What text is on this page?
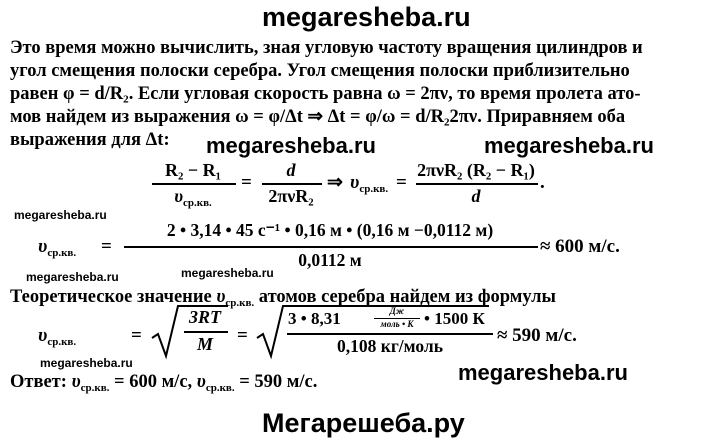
megaresheba.ru
megaresheba.ru	megaresheba.ru
megaresheba.ru
megaresheba.ru	megaresheba.ru
megaresheba.ru	megaresheba.ru
Мегарешеба.ру
Это время можно вычислить, зная угловую частоту вращения цилиндров и
угол смещения полоски серебра. Угол смещения полоски приблизительно
равен φ = d/R₂. Если угловая скорость равна ω = 2πν, то время пролета ато-
мов найдем из выражения ω = φ/Δt ⇒ Δt = φ/ω = d/R₂2πν. Приравняем оба
выражения для Δt:
R₂ − R₁
$\upsilon_{ср.кв.}$
=
d
2πνR₂
⇒ $\upsilon_{ср.кв.}$ =
2πνR₂ (R₂ − R₁)
d
.
$\upsilon_{ср.кв.}$ =
2 • 3,14 • 45 с⁻¹ • 0,16 м • (0,16 м −0,0112 м)
0,0112 м
≈ 600 м/с.
Теоретическое значение $\upsilon_{ср.кв.}$ атомов серебра найдем из формулы
$\upsilon_{ср.кв.}$	=
3RT
M	=
3 • 8,31	Дж
моль • К • 1500 К
0,108 кг/моль	≈ 590 м/с.
Ответ: $\upsilon_{ср.кв.} = 600$ м/с, $\upsilon_{ср.кв.} = 590$ м/с.
